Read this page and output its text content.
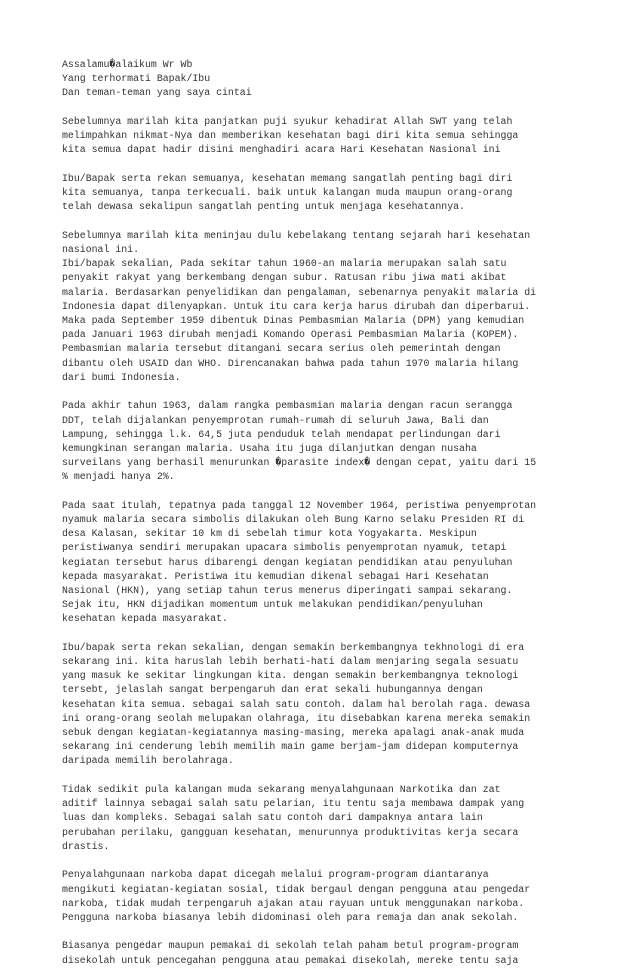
Assalamu�alaikum Wr Wb
Yang terhormati Bapak/Ibu
Dan teman-teman yang saya cintai
Sebelumnya marilah kita panjatkan puji syukur kehadirat Allah SWT yang telah
melimpahkan nikmat-Nya dan memberikan kesehatan bagi diri kita semua sehingga
kita semua dapat hadir disini menghadiri acara Hari Kesehatan Nasional ini
Ibu/Bapak serta rekan semuanya, kesehatan memang sangatlah penting bagi diri
kita semuanya, tanpa terkecuali. baik untuk kalangan muda maupun orang-orang
telah dewasa sekalipun sangatlah penting untuk menjaga kesehatannya.
Sebelumnya marilah kita meninjau dulu kebelakang tentang sejarah hari kesehatan
nasional ini.
Ibi/bapak sekalian, Pada sekitar tahun 1960-an malaria merupakan salah satu
penyakit rakyat yang berkembang dengan subur. Ratusan ribu jiwa mati akibat
malaria. Berdasarkan penyelidikan dan pengalaman, sebenarnya penyakit malaria di
Indonesia dapat dilenyapkan. Untuk itu cara kerja harus dirubah dan diperbarui.
Maka pada September 1959 dibentuk Dinas Pembasmian Malaria (DPM) yang kemudian
pada Januari 1963 dirubah menjadi Komando Operasi Pembasmian Malaria (KOPEM).
Pembasmian malaria tersebut ditangani secara serius oleh pemerintah dengan
dibantu oleh USAID dan WHO. Direncanakan bahwa pada tahun 1970 malaria hilang
dari bumi Indonesia.
Pada akhir tahun 1963, dalam rangka pembasmian malaria dengan racun serangga
DDT, telah dijalankan penyemprotan rumah-rumah di seluruh Jawa, Bali dan
Lampung, sehingga l.k. 64,5 juta penduduk telah mendapat perlindungan dari
kemungkinan serangan malaria. Usaha itu juga dilanjutkan dengan nusaha
surveilans yang berhasil menurunkan �parasite index� dengan cepat, yaitu dari 15
% menjadi hanya 2%.
Pada saat itulah, tepatnya pada tanggal 12 November 1964, peristiwa penyemprotan
nyamuk malaria secara simbolis dilakukan oleh Bung Karno selaku Presiden RI di
desa Kalasan, sekitar 10 km di sebelah timur kota Yogyakarta. Meskipun
peristiwanya sendiri merupakan upacara simbolis penyemprotan nyamuk, tetapi
kegiatan tersebut harus dibarengi dengan kegiatan pendidikan atau penyuluhan
kepada masyarakat. Peristiwa itu kemudian dikenal sebagai Hari Kesehatan
Nasional (HKN), yang setiap tahun terus menerus diperingati sampai sekarang.
Sejak itu, HKN dijadikan momentum untuk melakukan pendidikan/penyuluhan
kesehatan kepada masyarakat.
Ibu/bapak serta rekan sekalian, dengan semakin berkembangnya tekhnologi di era
sekarang ini. kita haruslah lebih berhati-hati dalam menjaring segala sesuatu
yang masuk ke sekitar lingkungan kita. dengan semakin berkembangnya teknologi
tersebt, jelaslah sangat berpengaruh dan erat sekali hubungannya dengan
kesehatan kita semua. sebagai salah satu contoh. dalam hal berolah raga. dewasa
ini orang-orang seolah melupakan olahraga, itu disebabkan karena mereka semakin
sebuk dengan kegiatan-kegiatannya masing-masing, mereka apalagi anak-anak muda
sekarang ini cenderung lebih memilih main game berjam-jam didepan komputernya
daripada memilih berolahraga.
Tidak sedikit pula kalangan muda sekarang menyalahgunaan Narkotika dan zat
aditif lainnya sebagai salah satu pelarian, itu tentu saja membawa dampak yang
luas dan kompleks. Sebagai salah satu contoh dari dampaknya antara lain
perubahan perilaku, gangguan kesehatan, menurunnya produktivitas kerja secara
drastis.
Penyalahgunaan narkoba dapat dicegah melalui program-program diantaranya
mengikuti kegiatan-kegiatan sosial, tidak bergaul dengan pengguna atau pengedar
narkoba, tidak mudah terpengaruh ajakan atau rayuan untuk menggunakan narkoba.
Pengguna narkoba biasanya lebih didominasi oleh para remaja dan anak sekolah.
Biasanya pengedar maupun pemakai di sekolah telah paham betul program-program
disekolah untuk pencegahan pengguna atau pemakai disekolah, mereke tentu saja
